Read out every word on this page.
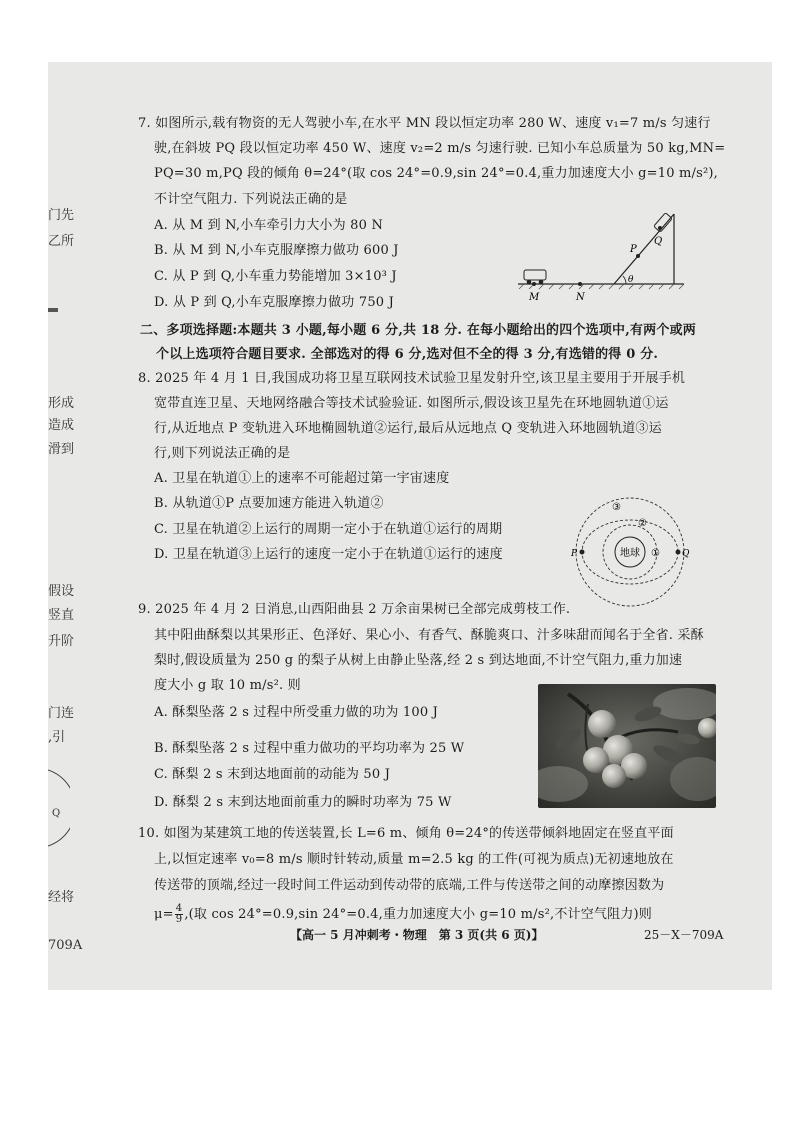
门先
乙所
形成
造成
滑到
假设
竖直
升阶
门连
,引
Q
经将
709A
7. 如图所示,载有物资的无人驾驶小车,在水平 MN 段以恒定功率 280 W、速度 v₁=7 m/s 匀速行
驶,在斜坡 PQ 段以恒定功率 450 W、速度 v₂=2 m/s 匀速行驶. 已知小车总质量为 50 kg,MN=
PQ=30 m,PQ 段的倾角 θ=24°(取 cos 24°=0.9,sin 24°=0.4,重力加速度大小 g=10 m/s²),
不计空气阻力. 下列说法正确的是
A. 从 M 到 N,小车牵引力大小为 80 N
B. 从 M 到 N,小车克服摩擦力做功 600 J
C. 从 P 到 Q,小车重力势能增加 3×10³ J
D. 从 P 到 Q,小车克服摩擦力做功 750 J	M	N
P
Q
θ
二、多项选择题:本题共 3 小题,每小题 6 分,共 18 分. 在每小题给出的四个选项中,有两个或两
个以上选项符合题目要求. 全部选对的得 6 分,选对但不全的得 3 分,有选错的得 0 分.
8. 2025 年 4 月 1 日,我国成功将卫星互联网技术试验卫星发射升空,该卫星主要用于开展手机
宽带直连卫星、天地网络融合等技术试验验证. 如图所示,假设该卫星先在环地圆轨道①运
行,从近地点 P 变轨进入环地椭圆轨道②运行,最后从远地点 Q 变轨进入环地圆轨道③运
行,则下列说法正确的是
A. 卫星在轨道①上的速率不可能超过第一宇宙速度
B. 从轨道①P 点要加速方能进入轨道②
C. 卫星在轨道②上运行的周期一定小于在轨道①运行的周期
D. 卫星在轨道③上运行的速度一定小于在轨道①运行的速度	地球 ①
②
③
P	Q
9. 2025 年 4 月 2 日消息,山西阳曲县 2 万余亩果树已全部完成剪枝工作.
其中阳曲酥梨以其果形正、色泽好、果心小、有香气、酥脆爽口、汁多味甜而闻名于全省. 采酥
梨时,假设质量为 250 g 的梨子从树上由静止坠落,经 2 s 到达地面,不计空气阻力,重力加速
度大小 g 取 10 m/s². 则
A. 酥梨坠落 2 s 过程中所受重力做的功为 100 J
B. 酥梨坠落 2 s 过程中重力做功的平均功率为 25 W
C. 酥梨 2 s 末到达地面前的动能为 50 J
D. 酥梨 2 s 末到达地面前重力的瞬时功率为 75 W
10. 如图为某建筑工地的传送装置,长 L=6 m、倾角 θ=24°的传送带倾斜地固定在竖直平面
上,以恒定速率 v₀=8 m/s 顺时针转动,质量 m=2.5 kg 的工件(可视为质点)无初速地放在
传送带的顶端,经过一段时间工件运动到传动带的底端,工件与传送带之间的动摩擦因数为
$\mu= \frac{4}{9}$ ,(取 cos 24°=0.9,sin 24°=0.4,重力加速度大小 g=10 m/s²,不计空气阻力)则
【高一 5 月冲刺考・物理　第 3 页(共 6 页)】	25－X－709A
